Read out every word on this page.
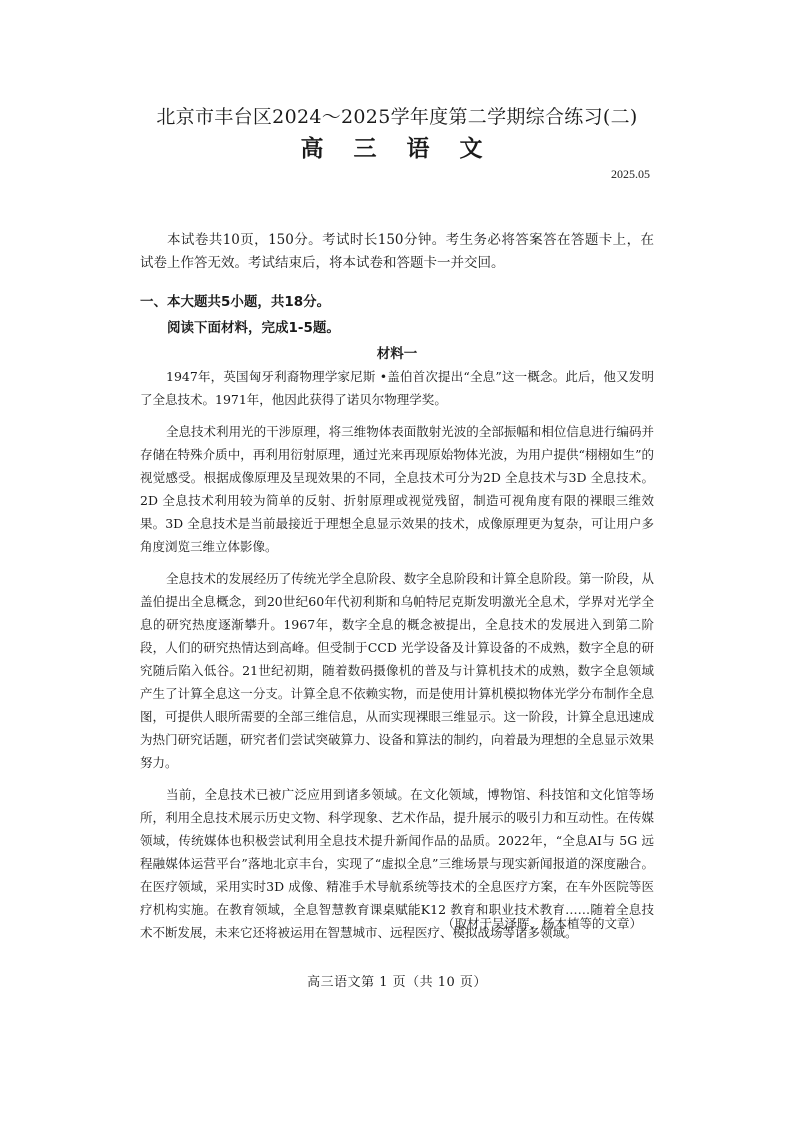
北京市丰台区2024～2025学年度第二学期综合练习(二)
高 三 语 文
2025.05
本试卷共10页，150分。考试时长150分钟。考生务必将答案答在答题卡上，在试卷上作答无效。考试结束后，将本试卷和答题卡一并交回。
一、本大题共5小题，共18分。
阅读下面材料，完成1-5题。
材料一

1947年，英国匈牙利裔物理学家尼斯 •盖伯首次提出“全息”这一概念。此后，他又发明了全息技术。1971年，他因此获得了诺贝尔物理学奖。

全息技术利用光的干涉原理，将三维物体表面散射光波的全部振幅和相位信息进行编码并存储在特殊介质中，再利用衍射原理，通过光来再现原始物体光波，为用户提供“栩栩如生”的视觉感受。根据成像原理及呈现效果的不同，全息技术可分为2D 全息技术与3D 全息技术。2D 全息技术利用较为简单的反射、折射原理或视觉残留，制造可视角度有限的裸眼三维效果。3D 全息技术是当前最接近于理想全息显示效果的技术，成像原理更为复杂，可让用户多角度浏览三维立体影像。

全息技术的发展经历了传统光学全息阶段、数字全息阶段和计算全息阶段。第一阶段，从盖伯提出全息概念，到20世纪60年代初利斯和乌帕特尼克斯发明激光全息术，学界对光学全息的研究热度逐渐攀升。1967年，数字全息的概念被提出，全息技术的发展进入到第二阶段，人们的研究热情达到高峰。但受制于CCD 光学设备及计算设备的不成熟，数字全息的研究随后陷入低谷。21世纪初期，随着数码摄像机的普及与计算机技术的成熟，数字全息领域产生了计算全息这一分支。计算全息不依赖实物，而是使用计算机模拟物体光学分布制作全息图，可提供人眼所需要的全部三维信息，从而实现裸眼三维显示。这一阶段，计算全息迅速成为热门研究话题，研究者们尝试突破算力、设备和算法的制约，向着最为理想的全息显示效果努力。

当前，全息技术已被广泛应用到诸多领域。在文化领域，博物馆、科技馆和文化馆等场所，利用全息技术展示历史文物、科学现象、艺术作品，提升展示的吸引力和互动性。在传媒领域，传统媒体也积极尝试利用全息技术提升新闻作品的品质。2022年，“全息AI与 5G 远程融媒体运营平台”落地北京丰台，实现了“虚拟全息”三维场景与现实新闻报道的深度融合。在医疗领域，采用实时3D 成像、精准手术导航系统等技术的全息医疗方案，在车外医院等医疗机构实施。在教育领域，全息智慧教育课桌赋能K12 教育和职业技术教育……随着全息技术不断发展，未来它还将被运用在智慧城市、远程医疗、模拟战场等诸多领域。

（取材于吴泽晖、杨本植等的文章）
高三语文第 1 页（共 10 页）
